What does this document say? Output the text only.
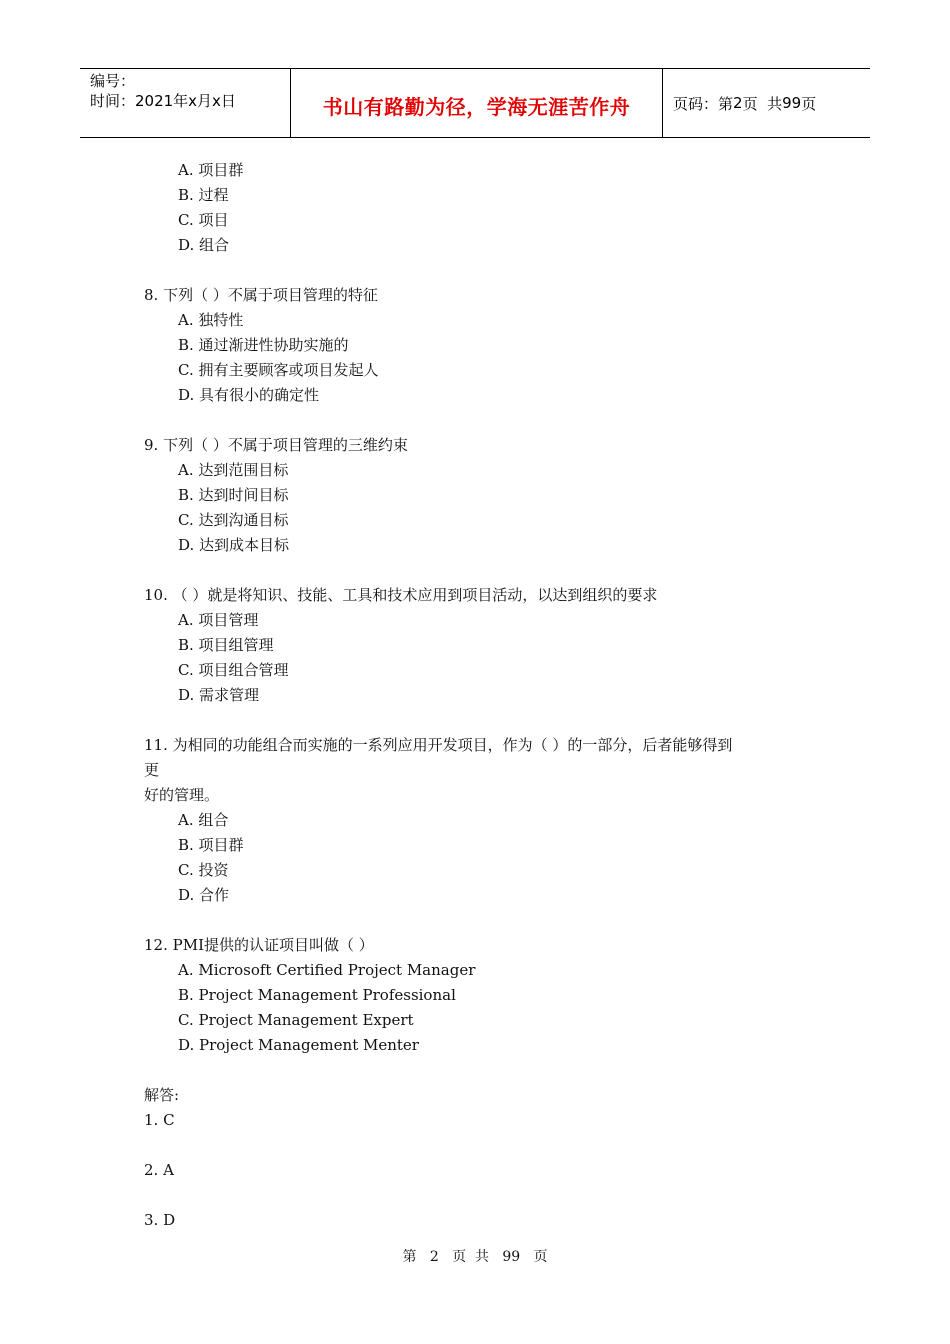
编号：
时间：2021年x月x日	书山有路勤为径，学海无涯苦作舟	页码：第 2 页  共 99 页
A. 项目群
B. 过程
C. 项目
D. 组合
8. 下列（ ）不属于项目管理的特征
A. 独特性
B. 通过渐进性协助实施的
C. 拥有主要顾客或项目发起人
D. 具有很小的确定性
9. 下列（ ）不属于项目管理的三维约束
A. 达到范围目标
B. 达到时间目标
C. 达到沟通目标
D. 达到成本目标
10. （ ）就是将知识、技能、工具和技术应用到项目活动，以达到组织的要求
A. 项目管理
B. 项目组管理
C. 项目组合管理
D. 需求管理
11. 为相同的功能组合而实施的一系列应用开发项目，作为（ ）的一部分，后者能够得到
更
好的管理。
A. 组合
B. 项目群
C. 投资
D. 合作
12. PMI提供的认证项目叫做（ ）
A. Microsoft Certified Project Manager
B. Project Management Professional
C. Project Management Expert
D. Project Management Menter
解答:
1. C
2. A
3. D
第 2 页  共 99 页
